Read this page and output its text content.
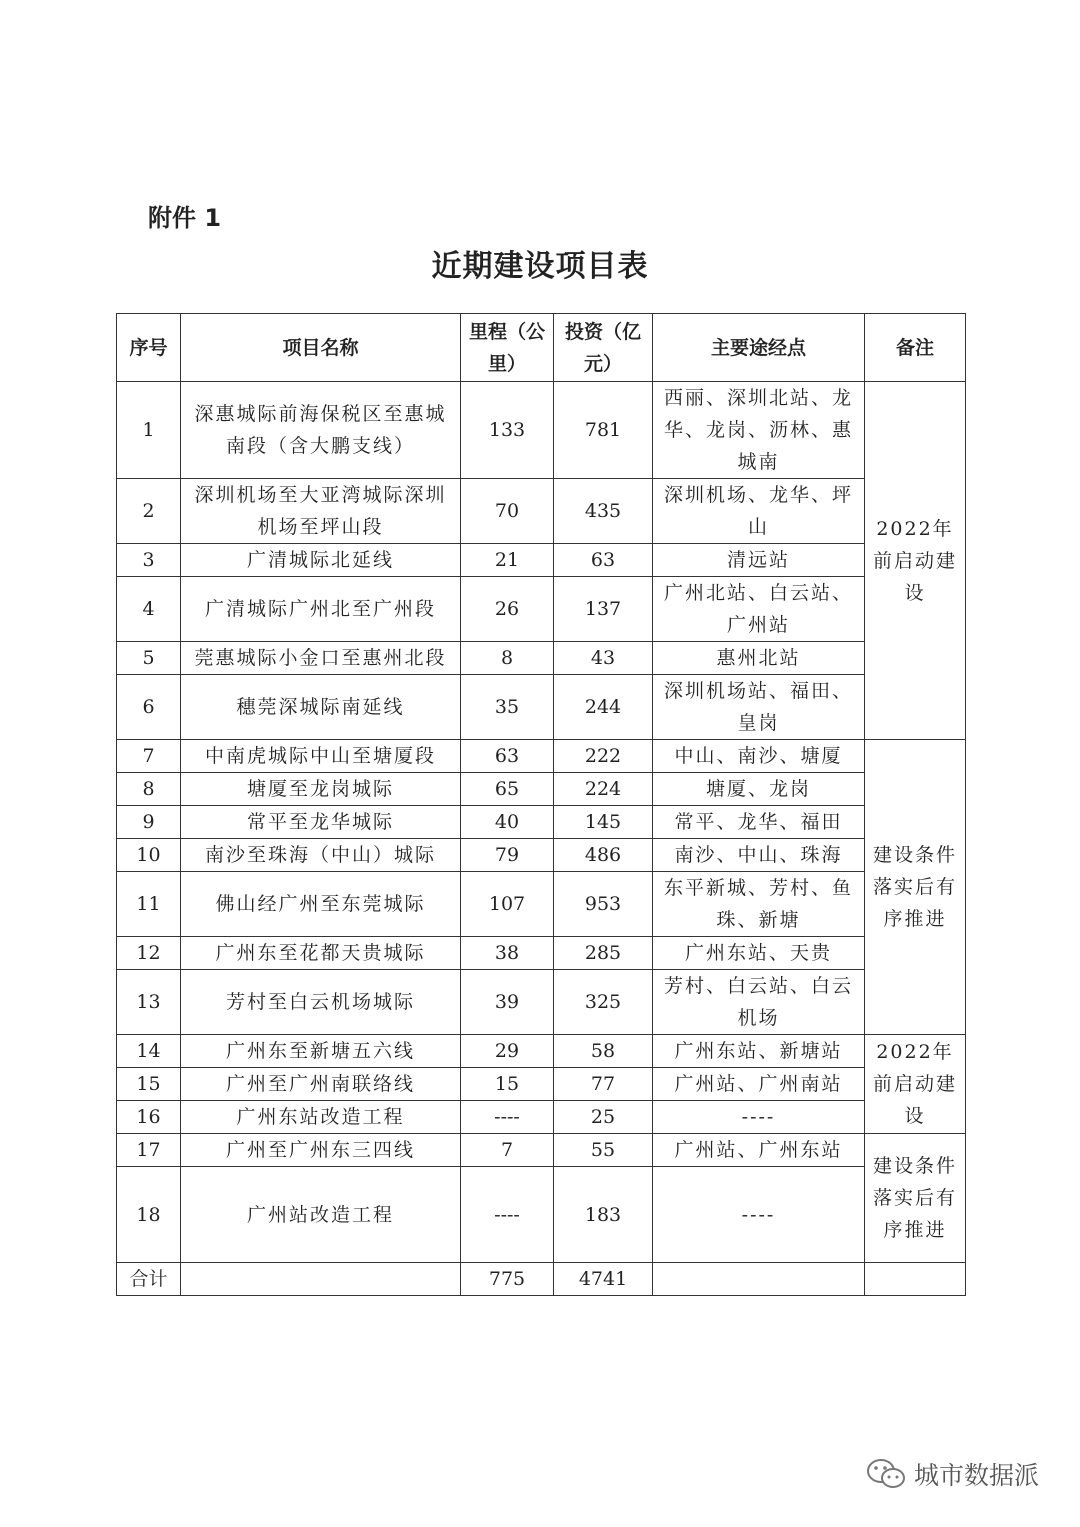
附件 1
近期建设项目表
序号	项目名称	里程（公里）	投资（亿元）	主要途经点	备注
1	深惠城际前海保税区至惠城南段（含大鹏支线）	133	781	西丽、深圳北站、龙华、龙岗、沥林、惠城南	2022年前启动建设
2	深圳机场至大亚湾城际深圳机场至坪山段	70	435	深圳机场、龙华、坪山	
3	广清城际北延线	21	63	清远站	
4	广清城际广州北至广州段	26	137	广州北站、白云站、广州站	
5	莞惠城际小金口至惠州北段	8	43	惠州北站	
6	穗莞深城际南延线	35	244	深圳机场站、福田、皇岗	
7	中南虎城际中山至塘厦段	63	222	中山、南沙、塘厦	建设条件落实后有序推进
8	塘厦至龙岗城际	65	224	塘厦、龙岗	
9	常平至龙华城际	40	145	常平、龙华、福田	
10	南沙至珠海（中山）城际	79	486	南沙、中山、珠海	
11	佛山经广州至东莞城际	107	953	东平新城、芳村、鱼珠、新塘	
12	广州东至花都天贵城际	38	285	广州东站、天贵	
13	芳村至白云机场城际	39	325	芳村、白云站、白云机场	
14	广州东至新塘五六线	29	58	广州东站、新塘站	2022年前启动建设
15	广州至广州南联络线	15	77	广州站、广州南站	
16	广州东站改造工程	----	25	----	
17	广州至广州东三四线	7	55	广州站、广州东站	建设条件落实后有序推进
18	广州站改造工程	----	183	----	
合计		775	4741		
城市数据派
